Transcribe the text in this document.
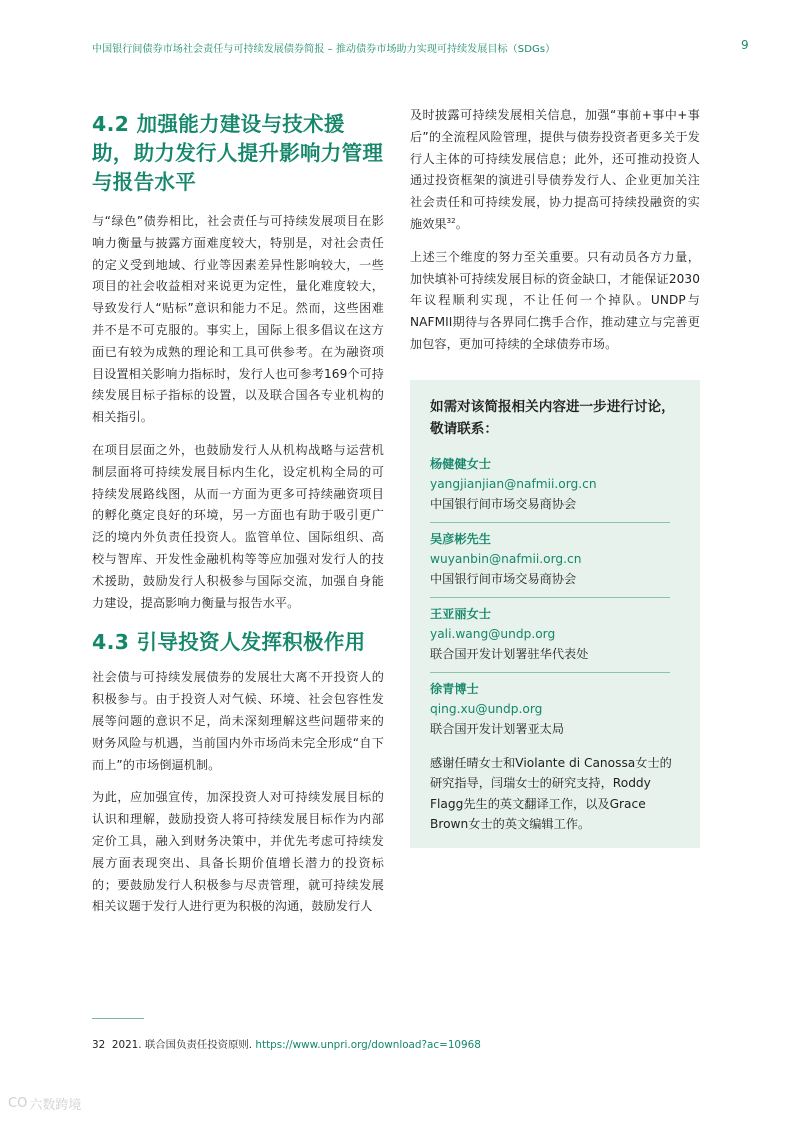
中国银行间债券市场社会责任与可持续发展债券简报 – 推动债券市场助力实现可持续发展目标（SDGs）	9
4.2 加强能力建设与技术援助，助力发行人提升影响力管理与报告水平

与“绿色”债券相比，社会责任与可持续发展项目在影响力衡量与披露方面难度较大，特别是，对社会责任的定义受到地域、行业等因素差异性影响较大，一些项目的社会收益相对来说更为定性，量化难度较大，导致发行人“贴标”意识和能力不足。然而，这些困难并不是不可克服的。事实上，国际上很多倡议在这方面已有较为成熟的理论和工具可供参考。在为融资项目设置相关影响力指标时，发行人也可参考169个可持续发展目标子指标的设置，以及联合国各专业机构的相关指引。

在项目层面之外，也鼓励发行人从机构战略与运营机制层面将可持续发展目标内生化，设定机构全局的可持续发展路线图，从而一方面为更多可持续融资项目的孵化奠定良好的环境，另一方面也有助于吸引更广泛的境内外负责任投资人。监管单位、国际组织、高校与智库、开发性金融机构等等应加强对发行人的技术援助，鼓励发行人积极参与国际交流，加强自身能力建设，提高影响力衡量与报告水平。

4.3 引导投资人发挥积极作用

社会债与可持续发展债券的发展壮大离不开投资人的积极参与。由于投资人对气候、环境、社会包容性发展等问题的意识不足，尚未深刻理解这些问题带来的财务风险与机遇，当前国内外市场尚未完全形成“自下而上”的市场倒逼机制。

为此，应加强宣传，加深投资人对可持续发展目标的认识和理解，鼓励投资人将可持续发展目标作为内部定价工具，融入到财务决策中，并优先考虑可持续发展方面表现突出、具备长期价值增长潜力的投资标的；要鼓励发行人积极参与尽责管理，就可持续发展相关议题于发行人进行更为积极的沟通，鼓励发行人

及时披露可持续发展相关信息，加强“事前+事中+事后”的全流程风险管理，提供与债券投资者更多关于发行人主体的可持续发展信息；此外，还可推动投资人通过投资框架的演进引导债券发行人、企业更加关注社会责任和可持续发展，协力提高可持续投融资的实施效果$^{32}$。

上述三个维度的努力至关重要。只有动员各方力量，加快填补可持续发展目标的资金缺口，才能保证2030年议程顺利实现，不让任何一个掉队。UNDP与NAFMII期待与各界同仁携手合作，推动建立与完善更加包容，更加可持续的全球债券市场。

如需对该简报相关内容进一步进行讨论，敬请联系：
杨健健女士
yangjianjian@nafmii.org.cn
中国银行间市场交易商协会
吴彦彬先生
wuyanbin@nafmii.org.cn
中国银行间市场交易商协会
王亚丽女士
yali.wang@undp.org
联合国开发计划署驻华代表处
徐青博士
qing.xu@undp.org
联合国开发计划署亚太局
感谢任晴女士和Violante di Canossa女士的研究指导，闫瑞女士的研究支持，Roddy Flagg先生的英文翻译工作，以及Grace Brown女士的英文编辑工作。
32 2021. 联合国负责任投资原则. https://www.unpri.org/download?ac=10968
CO 六数跨境
